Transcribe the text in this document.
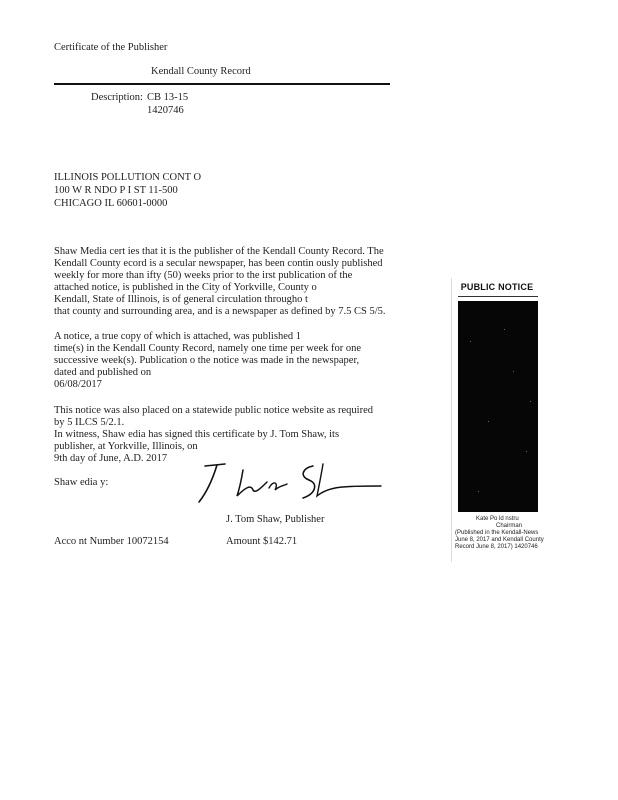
Certificate of the Publisher
Kendall County Record
Description: CB 13-15
1420746
ILLINOIS POLLUTION CONT O
100 W R NDO P I ST 11-500
CHICAGO IL 60601-0000
Shaw Media cert ies that it is the publisher of the Kendall County Record. The
Kendall County ecord is a secular newspaper, has been contin ously published
weekly for more than ifty (50) weeks prior to the irst publication of the
attached notice, is published in the City of Yorkville, County o
Kendall, State of Illinois, is of general circulation througho t
that county and surrounding area, and is a newspaper as defined by 7.5 CS 5/5.
A notice, a true copy of which is attached, was published 1
time(s) in the Kendall County Record, namely one time per week for one
successive week(s). Publication o the notice was made in the newspaper,
dated and published on
06/08/2017
This notice was also placed on a statewide public notice website as required
by 5 ILCS 5/2.1.
In witness, Shaw edia has signed this certificate by J. Tom Shaw, its
publisher, at Yorkville, Illinois, on
9th day of June, A.D. 2017
Shaw edia y:
J. Tom Shaw, Publisher
Acco nt Number 10072154	Amount $142.71
PUBLIC NOTICE
Kate Po ld nstru
Chairman
(Published in the Kendall-News
June 8, 2017 and Kendall County
Record June 8, 2017) 1420746
